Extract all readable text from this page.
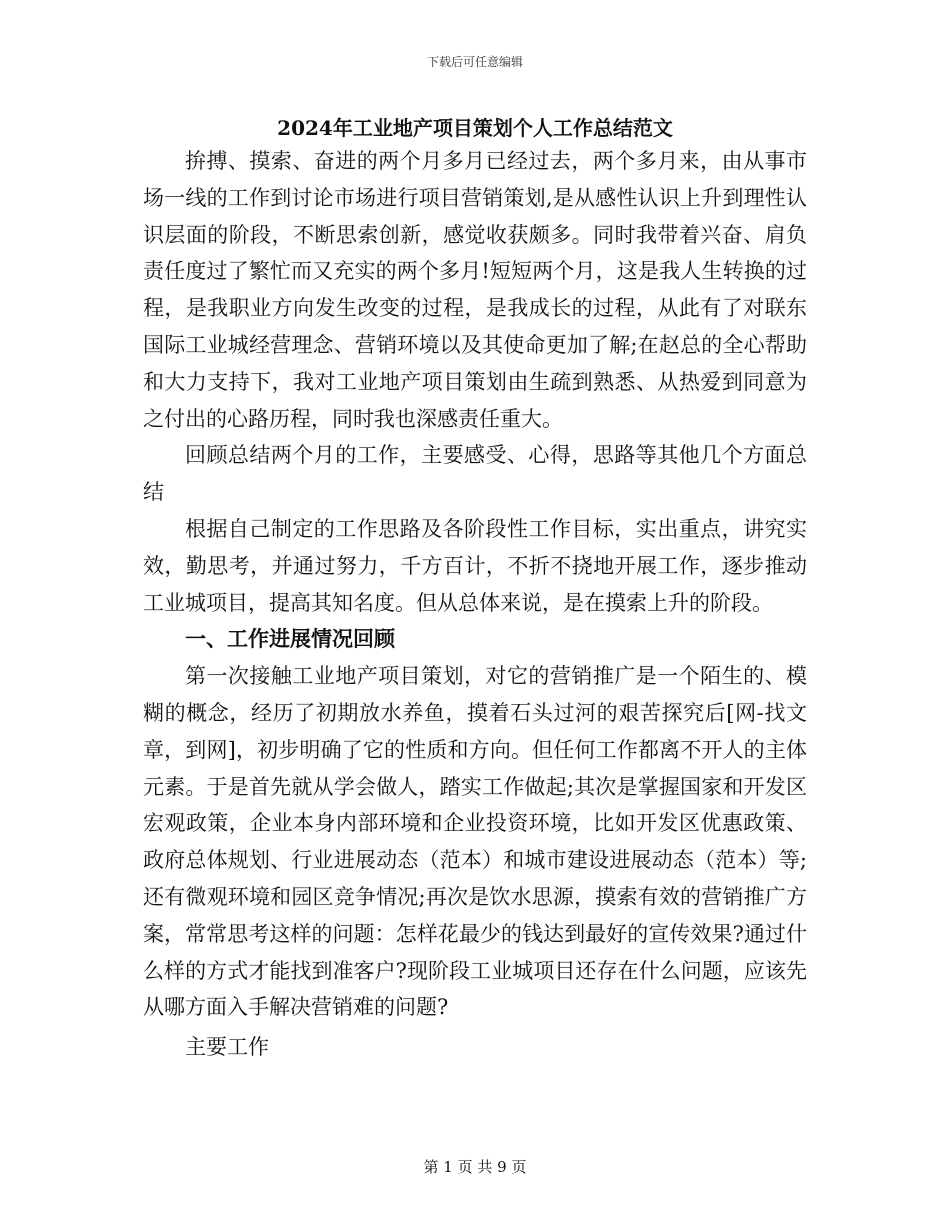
下载后可任意编辑
2024年工业地产项目策划个人工作总结范文

拚搏、摸索、奋进的两个月多月已经过去，两个多月来，由从事市场一线的工作到讨论市场进行项目营销策划,是从感性认识上升到理性认识层面的阶段，不断思索创新，感觉收获颇多。同时我带着兴奋、肩负责任度过了繁忙而又充实的两个多月!短短两个月，这是我人生转换的过程，是我职业方向发生改变的过程，是我成长的过程，从此有了对联东国际工业城经营理念、营销环境以及其使命更加了解;在赵总的全心帮助和大力支持下，我对工业地产项目策划由生疏到熟悉、从热爱到同意为之付出的心路历程，同时我也深感责任重大。

回顾总结两个月的工作，主要感受、心得，思路等其他几个方面总结

根据自己制定的工作思路及各阶段性工作目标，实出重点，讲究实效，勤思考，并通过努力，千方百计，不折不挠地开展工作，逐步推动工业城项目，提高其知名度。但从总体来说，是在摸索上升的阶段。

一、工作进展情况回顾

第一次接触工业地产项目策划，对它的营销推广是一个陌生的、模糊的概念，经历了初期放水养鱼，摸着石头过河的艰苦探究后[网-找文章，到网]，初步明确了它的性质和方向。但任何工作都离不开人的主体元素。于是首先就从学会做人，踏实工作做起;其次是掌握国家和开发区宏观政策，企业本身内部环境和企业投资环境，比如开发区优惠政策、政府总体规划、行业进展动态（范本）和城市建设进展动态（范本）等;还有微观环境和园区竞争情况;再次是饮水思源，摸索有效的营销推广方案，常常思考这样的问题：怎样花最少的钱达到最好的宣传效果?通过什么样的方式才能找到准客户?现阶段工业城项目还存在什么问题，应该先从哪方面入手解决营销难的问题?

主要工作

第 1 页 共 9 页
